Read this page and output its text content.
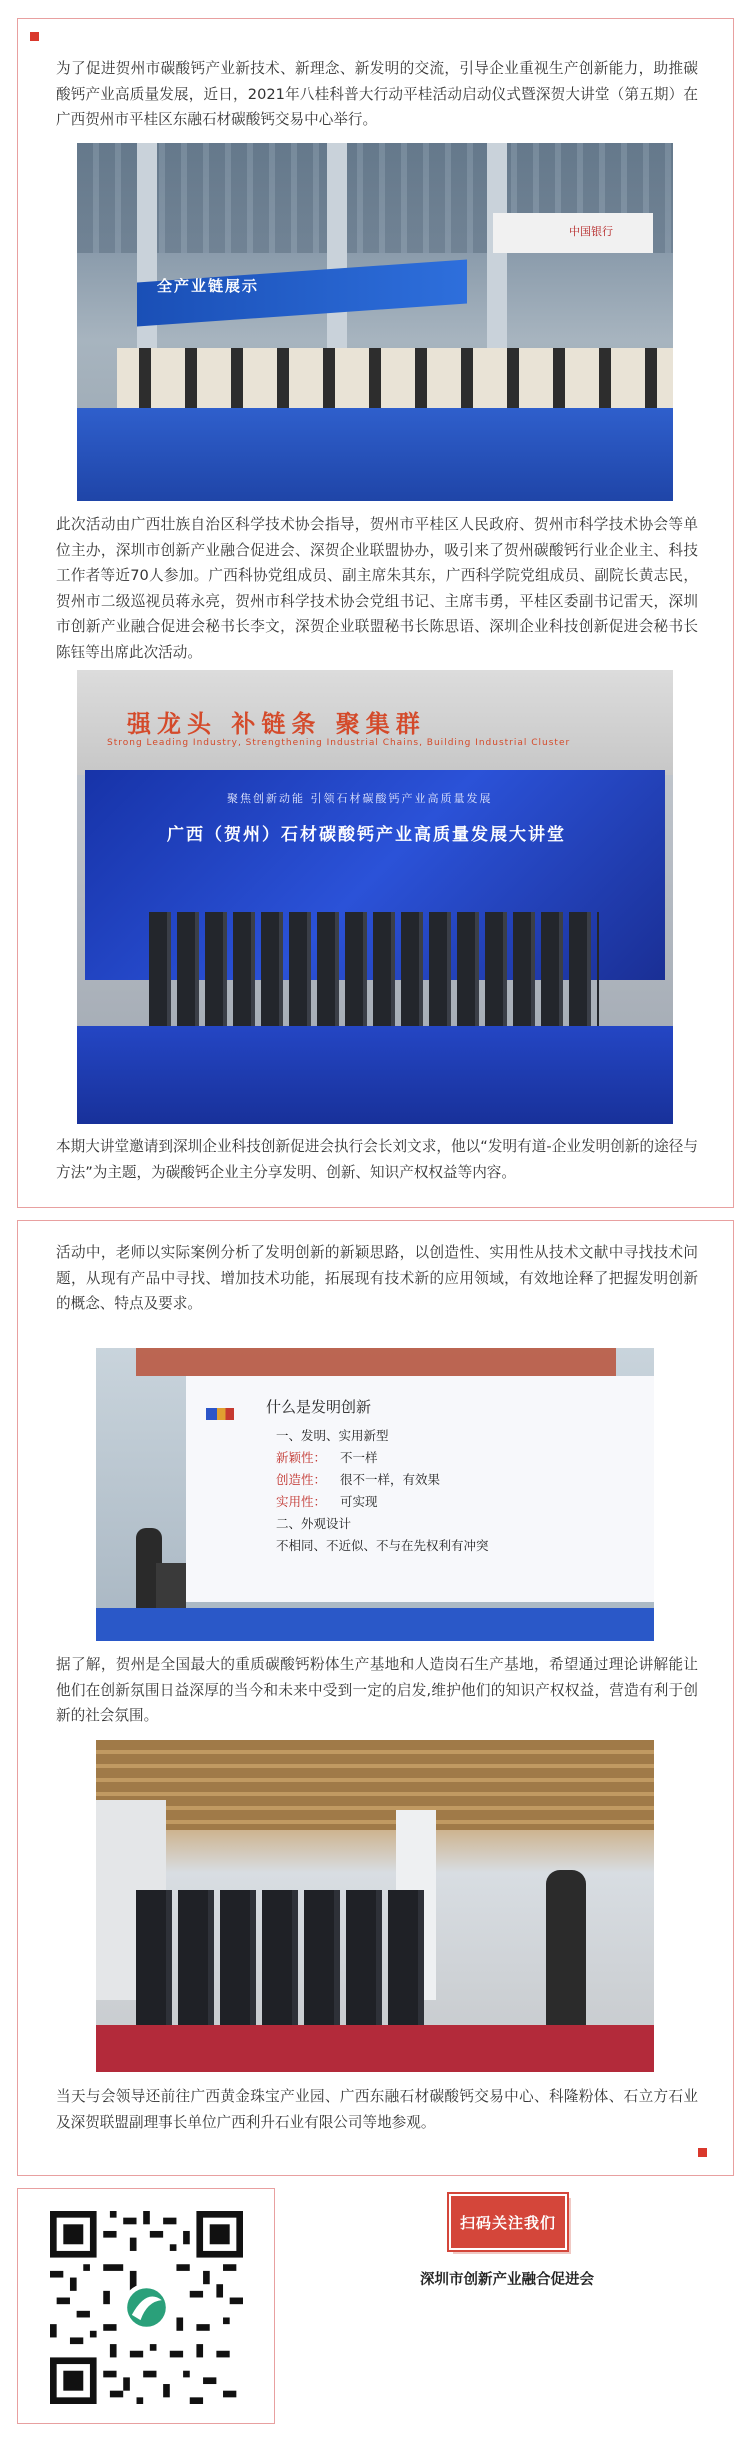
为了促进贺州市碳酸钙产业新技术、新理念、新发明的交流，引导企业重视生产创新能力，助推碳酸钙产业高质量发展，近日，2021年八桂科普大行动平桂活动启动仪式暨深贺大讲堂（第五期）在广西贺州市平桂区东融石材碳酸钙交易中心举行。

中国银行
全产业链展示

此次活动由广西壮族自治区科学技术协会指导，贺州市平桂区人民政府、贺州市科学技术协会等单位主办，深圳市创新产业融合促进会、深贺企业联盟协办，吸引来了贺州碳酸钙行业企业主、科技工作者等近70人参加。广西科协党组成员、副主席朱其东，广西科学院党组成员、副院长黄志民，贺州市二级巡视员蒋永亮，贺州市科学技术协会党组书记、主席韦勇，平桂区委副书记雷天，深圳市创新产业融合促进会秘书长李文，深贺企业联盟秘书长陈思语、深圳企业科技创新促进会秘书长陈钰等出席此次活动。

强龙头 补链条 聚集群
Strong Leading Industry, Strengthening Industrial Chains, Building Industrial Cluster
聚焦创新动能 引领石材碳酸钙产业高质量发展
广西（贺州）石材碳酸钙产业高质量发展大讲堂

本期大讲堂邀请到深圳企业科技创新促进会执行会长刘文求，他以“发明有道-企业发明创新的途径与方法”为主题，为碳酸钙企业主分享发明、创新、知识产权权益等内容。

活动中，老师以实际案例分析了发明创新的新颖思路，以创造性、实用性从技术文献中寻找技术问题，从现有产品中寻找、增加技术功能，拓展现有技术新的应用领域，有效地诠释了把握发明创新的概念、特点及要求。

什么是发明创新
一、发明、实用新型
新颖性： 不一样
创造性： 很不一样，有效果
实用性： 可实现
二、外观设计
不相同、不近似、不与在先权利有冲突

据了解，贺州是全国最大的重质碳酸钙粉体生产基地和人造岗石生产基地，希望通过理论讲解能让他们在创新氛围日益深厚的当今和未来中受到一定的启发,维护他们的知识产权权益，营造有利于创新的社会氛围。

当天与会领导还前往广西黄金珠宝产业园、广西东融石材碳酸钙交易中心、科隆粉体、石立方石业及深贺联盟副理事长单位广西利升石业有限公司等地参观。

扫码关注我们
深圳市创新产业融合促进会
